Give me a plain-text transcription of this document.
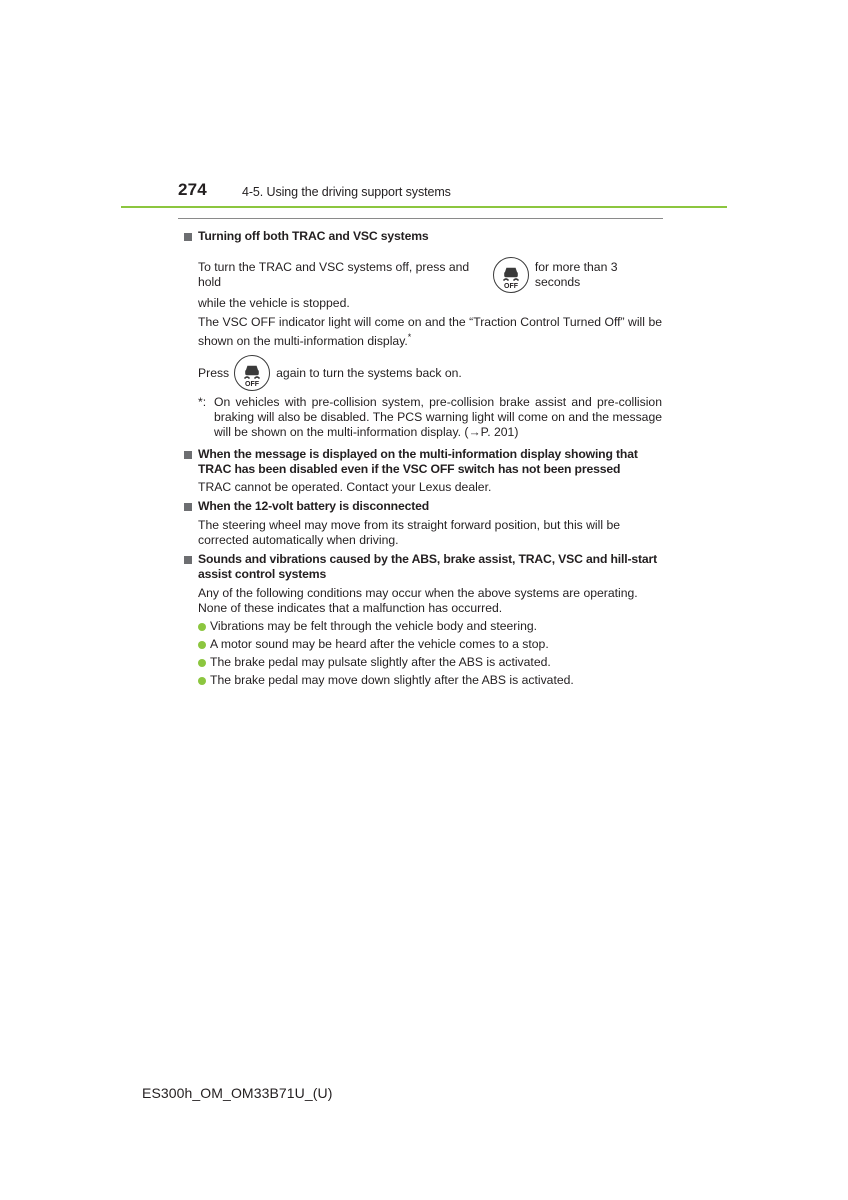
274	4-5. Using the driving support systems
Turning off both TRAC and VSC systems
To turn the TRAC and VSC systems off, press and hold	OFF
for more than 3 seconds

while the vehicle is stopped.

The VSC OFF indicator light will come on and the “Traction Control Turned Off” will be shown on the multi-information display.*

Press
OFF
again to turn the systems back on.
*: On vehicles with pre-collision system, pre-collision brake assist and pre-collision braking will also be disabled. The PCS warning light will come on and the message will be shown on the multi-information display. (→P. 201)
When the message is displayed on the multi-information display showing that TRAC has been disabled even if the VSC OFF switch has not been pressed

TRAC cannot be operated. Contact your Lexus dealer.

When the 12-volt battery is disconnected

The steering wheel may move from its straight forward position, but this will be corrected automatically when driving.

Sounds and vibrations caused by the ABS, brake assist, TRAC, VSC and hill-start assist control systems

Any of the following conditions may occur when the above systems are operating.

None of these indicates that a malfunction has occurred.

Vibrations may be felt through the vehicle body and steering.
A motor sound may be heard after the vehicle comes to a stop.
The brake pedal may pulsate slightly after the ABS is activated.
The brake pedal may move down slightly after the ABS is activated.
ES300h_OM_OM33B71U_(U)
